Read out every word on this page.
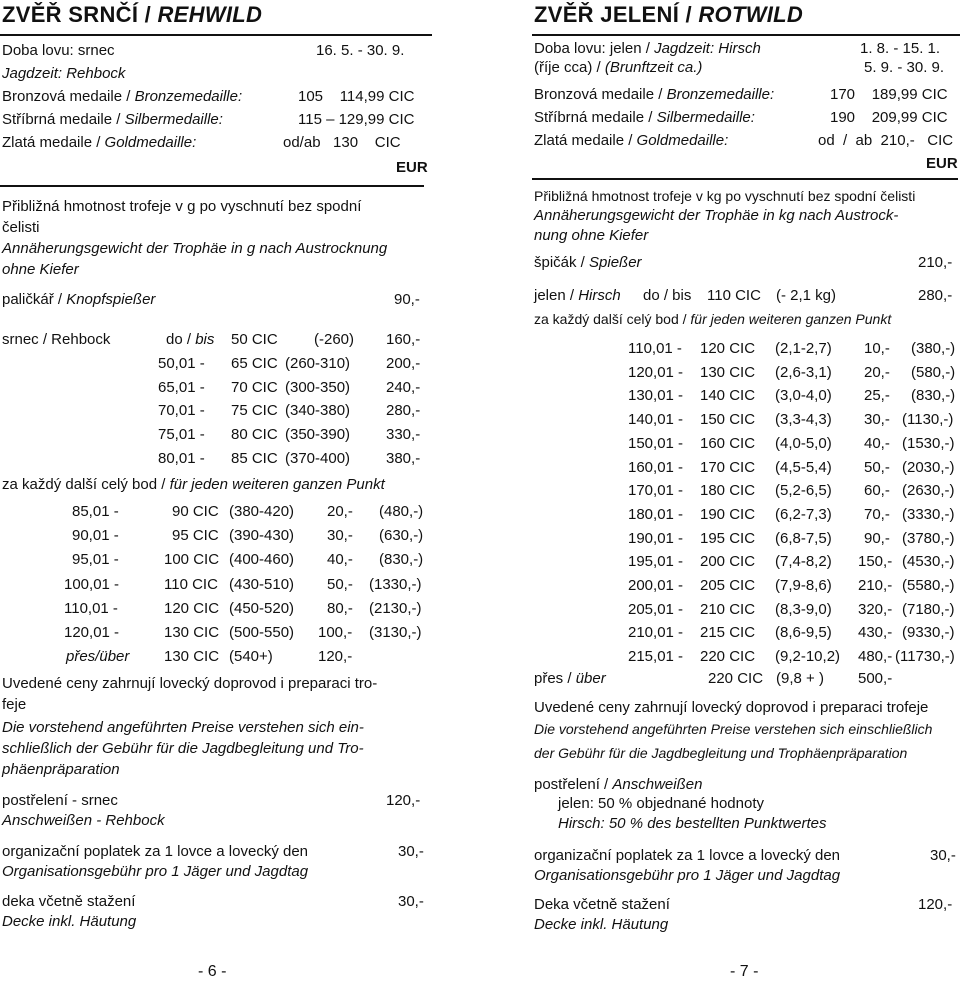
ZVĚŘ SRNČÍ / REHWILD
Doba lovu: srnec	16. 5. - 30. 9.
Jagdzeit: Rehbock
Bronzová medaile / Bronzemedaille:	105    114,99 CIC
Stříbrná medaile / Silbermedaille:	115 – 129,99 CIC
Zlatá medaile / Goldmedaille:	od/ab   130    CIC
EUR
Přibližná hmotnost trofeje v g po vyschnutí bez spodní
čelisti
Annäherungsgewicht der Trophäe in g nach Austrocknung
ohne Kiefer
paličkář / Knopfspießer	90,-
srnec / Rehbock	do / bis 50 CIC (-260) 160,-
50,01 - 65 CIC (260-310) 200,-
65,01 - 70 CIC (300-350) 240,-
70,01 - 75 CIC (340-380) 280,-
75,01 - 80 CIC (350-390) 330,-
80,01 - 85 CIC (370-400) 380,-
za každý další celý bod / für jeden weiteren ganzen Punkt
85,01 -	90 CIC (380-420) 20,- (480,-)
90,01 -	95 CIC (390-430) 30,- (630,-)
95,01 -	100 CIC (400-460) 40,- (830,-)
100,01 -	110 CIC (430-510) 50,- (1330,-)
110,01 -	120 CIC (450-520) 80,- (2130,-)
120,01 -	130 CIC (500-550) 100,- (3130,-)
přes/über 130 CIC (540+)	120,-
Uvedené ceny zahrnují lovecký doprovod i preparaci tro-
feje
Die vorstehend angeführten Preise verstehen sich ein-
schließlich der Gebühr für die Jagdbegleitung und Tro-
phäenpräparation
postřelení - srnec	120,-
Anschweißen - Rehbock
organizační poplatek za 1 lovce a lovecký den	30,-
Organisationsgebühr pro 1 Jäger und Jagdtag
deka včetně stažení	30,-
Decke inkl. Häutung
- 6 -
ZVĚŘ JELENÍ / ROTWILD
Doba lovu: jelen / Jagdzeit: Hirsch	1. 8. - 15. 1.
(říje cca) / (Brunftzeit ca.)	5. 9. - 30. 9.
Bronzová medaile / Bronzemedaille:	170    189,99 CIC
Stříbrná medaile / Silbermedaille:	190    209,99 CIC
Zlatá medaile / Goldmedaille:	od  /  ab  210,-   CIC
EUR
Přibližná hmotnost trofeje v kg po vyschnutí bez spodní čelisti
Annäherungsgewicht der Trophäe in kg nach Austrock-
nung ohne Kiefer
špičák / Spießer	210,-
jelen / Hirsch do / bis 110 CIC (- 2,1 kg)	280,-
za každý další celý bod / für jeden weiteren ganzen Punkt
110,01 - 120 CIC (2,1-2,7) 10,- (380,-)
120,01 - 130 CIC (2,6-3,1) 20,- (580,-)
130,01 - 140 CIC (3,0-4,0) 25,- (830,-)
140,01 - 150 CIC (3,3-4,3) 30,- (1130,-)
150,01 - 160 CIC (4,0-5,0) 40,- (1530,-)
160,01 - 170 CIC (4,5-5,4) 50,- (2030,-)
170,01 - 180 CIC (5,2-6,5) 60,- (2630,-)
180,01 - 190 CIC (6,2-7,3) 70,- (3330,-)
190,01 - 195 CIC (6,8-7,5) 90,- (3780,-)
195,01 - 200 CIC (7,4-8,2) 150,- (4530,-)
200,01 - 205 CIC (7,9-8,6) 210,- (5580,-)
205,01 - 210 CIC (8,3-9,0) 320,- (7180,-)
210,01 - 215 CIC (8,6-9,5) 430,- (9330,-)
215,01 - 220 CIC (9,2-10,2) 480,- (11730,-)
přes / über	220 CIC (9,8 + ) 500,-
Uvedené ceny zahrnují lovecký doprovod i preparaci trofeje
Die vorstehend angeführten Preise verstehen sich einschließlich
der Gebühr für die Jagdbegleitung und Trophäenpräparation
postřelení / Anschweißen
jelen: 50 % objednané hodnoty
Hirsch: 50 % des bestellten Punktwertes
organizační poplatek za 1 lovce a lovecký den	30,-
Organisationsgebühr pro 1 Jäger und Jagdtag
Deka včetně stažení	120,-
Decke inkl. Häutung
- 7 -
